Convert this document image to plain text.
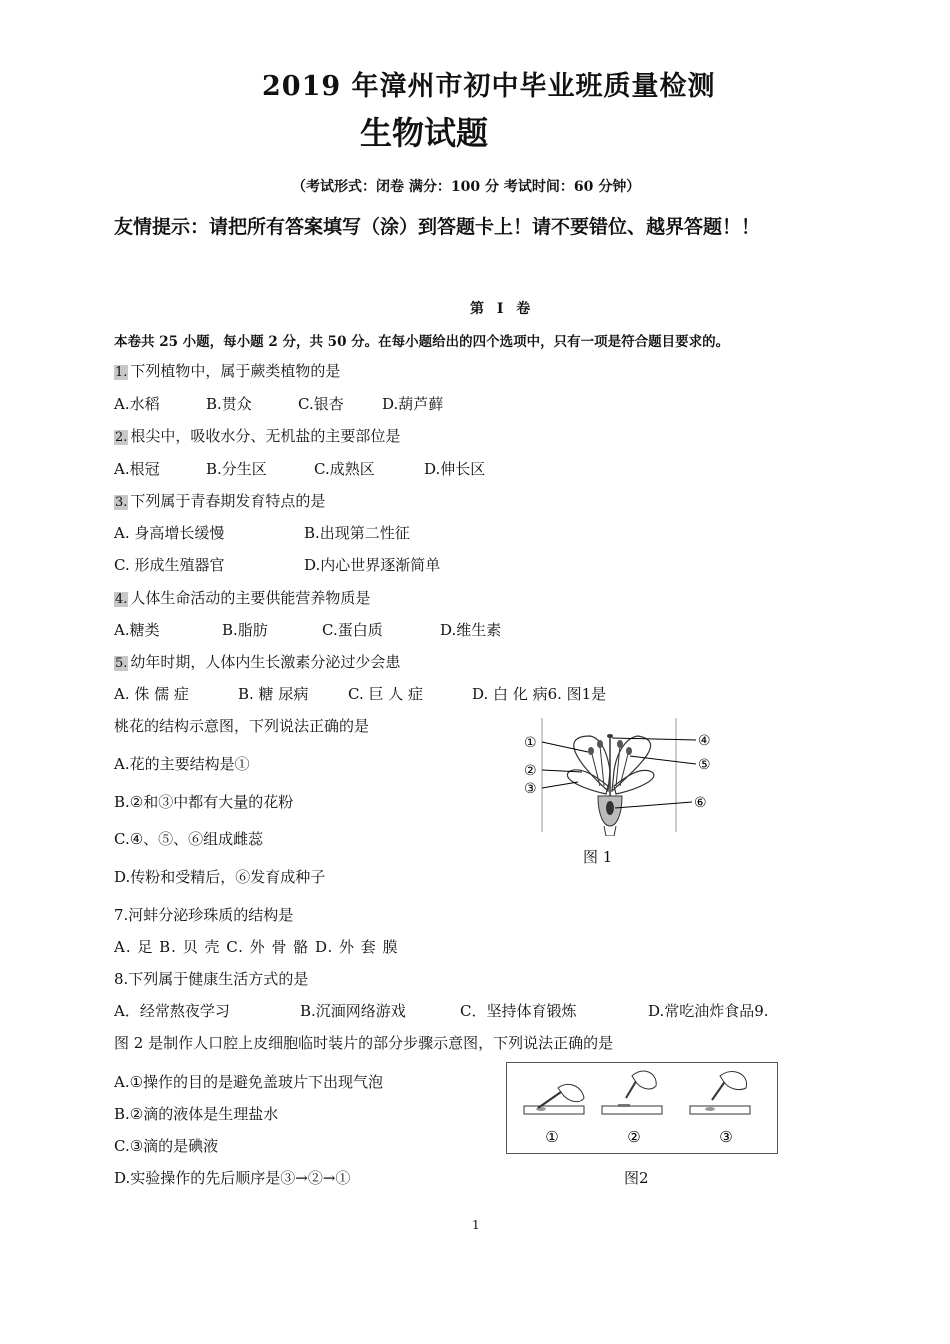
2019 年漳州市初中毕业班质量检测
生物试题
（考试形式：闭卷 满分：100 分 考试时间：60 分钟）
友情提示：请把所有答案填写（涂）到答题卡上！请不要错位、越界答题！！
第 I 卷
本卷共 25 小题，每小题 2 分，共 50 分。在每小题给出的四个选项中，只有一项是符合题目要求的。
1. 下列植物中，属于蕨类植物的是
A.水稻	B.贯众	C.银杏	D.葫芦藓
2. 根尖中，吸收水分、无机盐的主要部位是
A.根冠	B.分生区	C.成熟区	D.伸长区
3. 下列属于青春期发育特点的是
A. 身高增长缓慢	B.出现第二性征
C. 形成生殖器官	D.内心世界逐渐简单
4. 人体生命活动的主要供能营养物质是
A.糖类	B.脂肪	C.蛋白质	D.维生素
5. 幼年时期，人体内生长激素分泌过少会患
A. 侏 儒 症	B. 糖 尿病	C. 巨 人 症	D. 白 化 病6. 图1是
桃花的结构示意图，下列说法正确的是
A.花的主要结构是①
B.②和③中都有大量的花粉
C.④、⑤、⑥组成雌蕊
D.传粉和受精后，⑥发育成种子
①
②
③
④
⑤
⑥
图 1
7.河蚌分泌珍珠质的结构是
A. 足 B. 贝 壳 C. 外 骨 骼 D. 外 套 膜
8.下列属于健康生活方式的是
A．经常熬夜学习	B.沉湎网络游戏	C．坚持体育锻炼	D.常吃油炸食品9.
图 2 是制作人口腔上皮细胞临时装片的部分步骤示意图，下列说法正确的是
A.①操作的目的是避免盖玻片下出现气泡
B.②滴的液体是生理盐水
C.③滴的是碘液
D.实验操作的先后顺序是③→②→①
①	②	③
图2
1
